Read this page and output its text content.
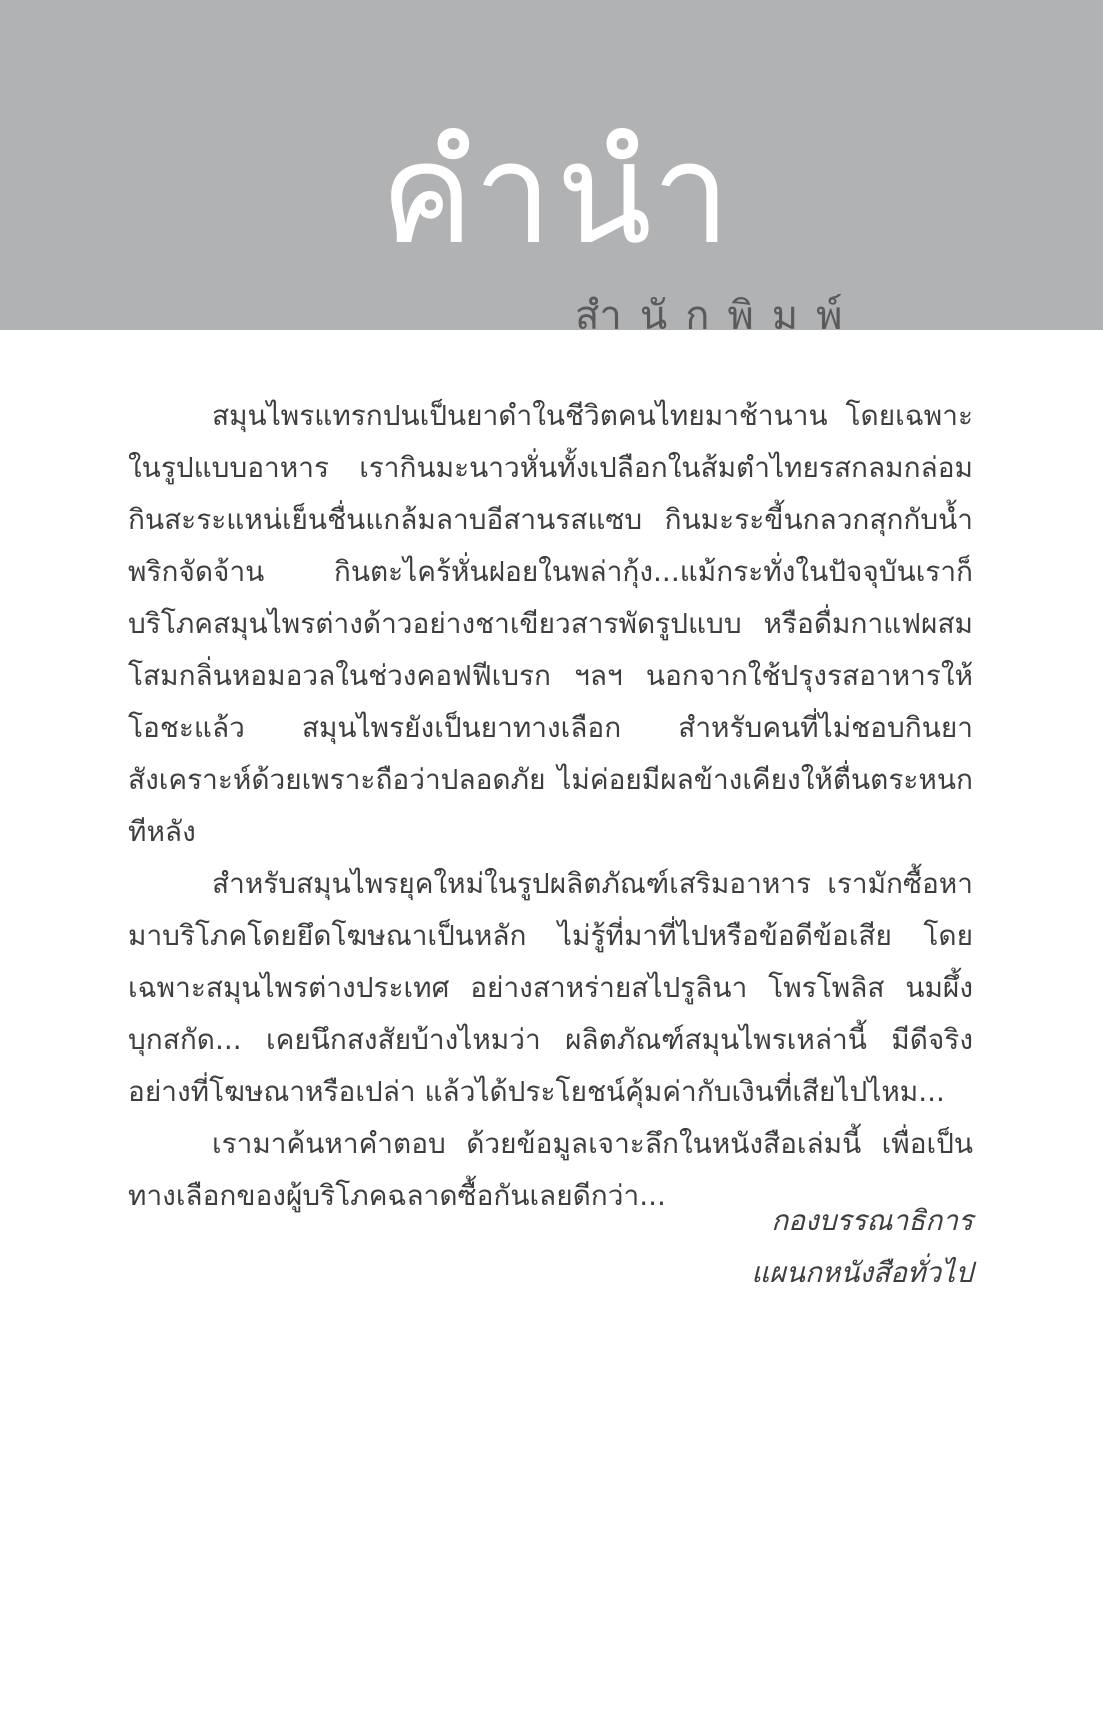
คำนำ
สำนักพิมพ์

สมุนไพรแทรกปนเป็นยาดำในชีวิตคนไทยมาช้านาน โดยเฉพาะในรูปแบบอาหาร เรากินมะนาวหั่นทั้งเปลือกในส้มตำไทยรสกลมกล่อม กินสะระแหน่เย็นชื่นแกล้มลาบอีสานรสแซบ กินมะระขี้นกลวกสุกกับน้ำพริกจัดจ้าน กินตะไคร้หั่นฝอยในพล่ากุ้ง...แม้กระทั่งในปัจจุบันเราก็บริโภคสมุนไพรต่างด้าวอย่างชาเขียวสารพัดรูปแบบ หรือดื่มกาแฟผสมโสมกลิ่นหอมอวลในช่วงคอฟฟีเบรก ฯลฯ นอกจากใช้ปรุงรสอาหารให้โอชะแล้ว สมุนไพรยังเป็นยาทางเลือก สำหรับคนที่ไม่ชอบกินยาสังเคราะห์ด้วยเพราะถือว่าปลอดภัย ไม่ค่อยมีผลข้างเคียงให้ตื่นตระหนกทีหลัง

สำหรับสมุนไพรยุคใหม่ในรูปผลิตภัณฑ์เสริมอาหาร เรามักซื้อหามาบริโภคโดยยึดโฆษณาเป็นหลัก ไม่รู้ที่มาที่ไปหรือข้อดีข้อเสีย โดยเฉพาะสมุนไพรต่างประเทศ อย่างสาหร่ายสไปรูลินา โพรโพลิส นมผึ้ง บุกสกัด... เคยนึกสงสัยบ้างไหมว่า ผลิตภัณฑ์สมุนไพรเหล่านี้ มีดีจริงอย่างที่โฆษณาหรือเปล่า แล้วได้ประโยชน์คุ้มค่ากับเงินที่เสียไปไหม...

เรามาค้นหาคำตอบ ด้วยข้อมูลเจาะลึกในหนังสือเล่มนี้ เพื่อเป็นทางเลือกของผู้บริโภคฉลาดซื้อกันเลยดีกว่า...

กองบรรณาธิการ
แผนกหนังสือทั่วไป
